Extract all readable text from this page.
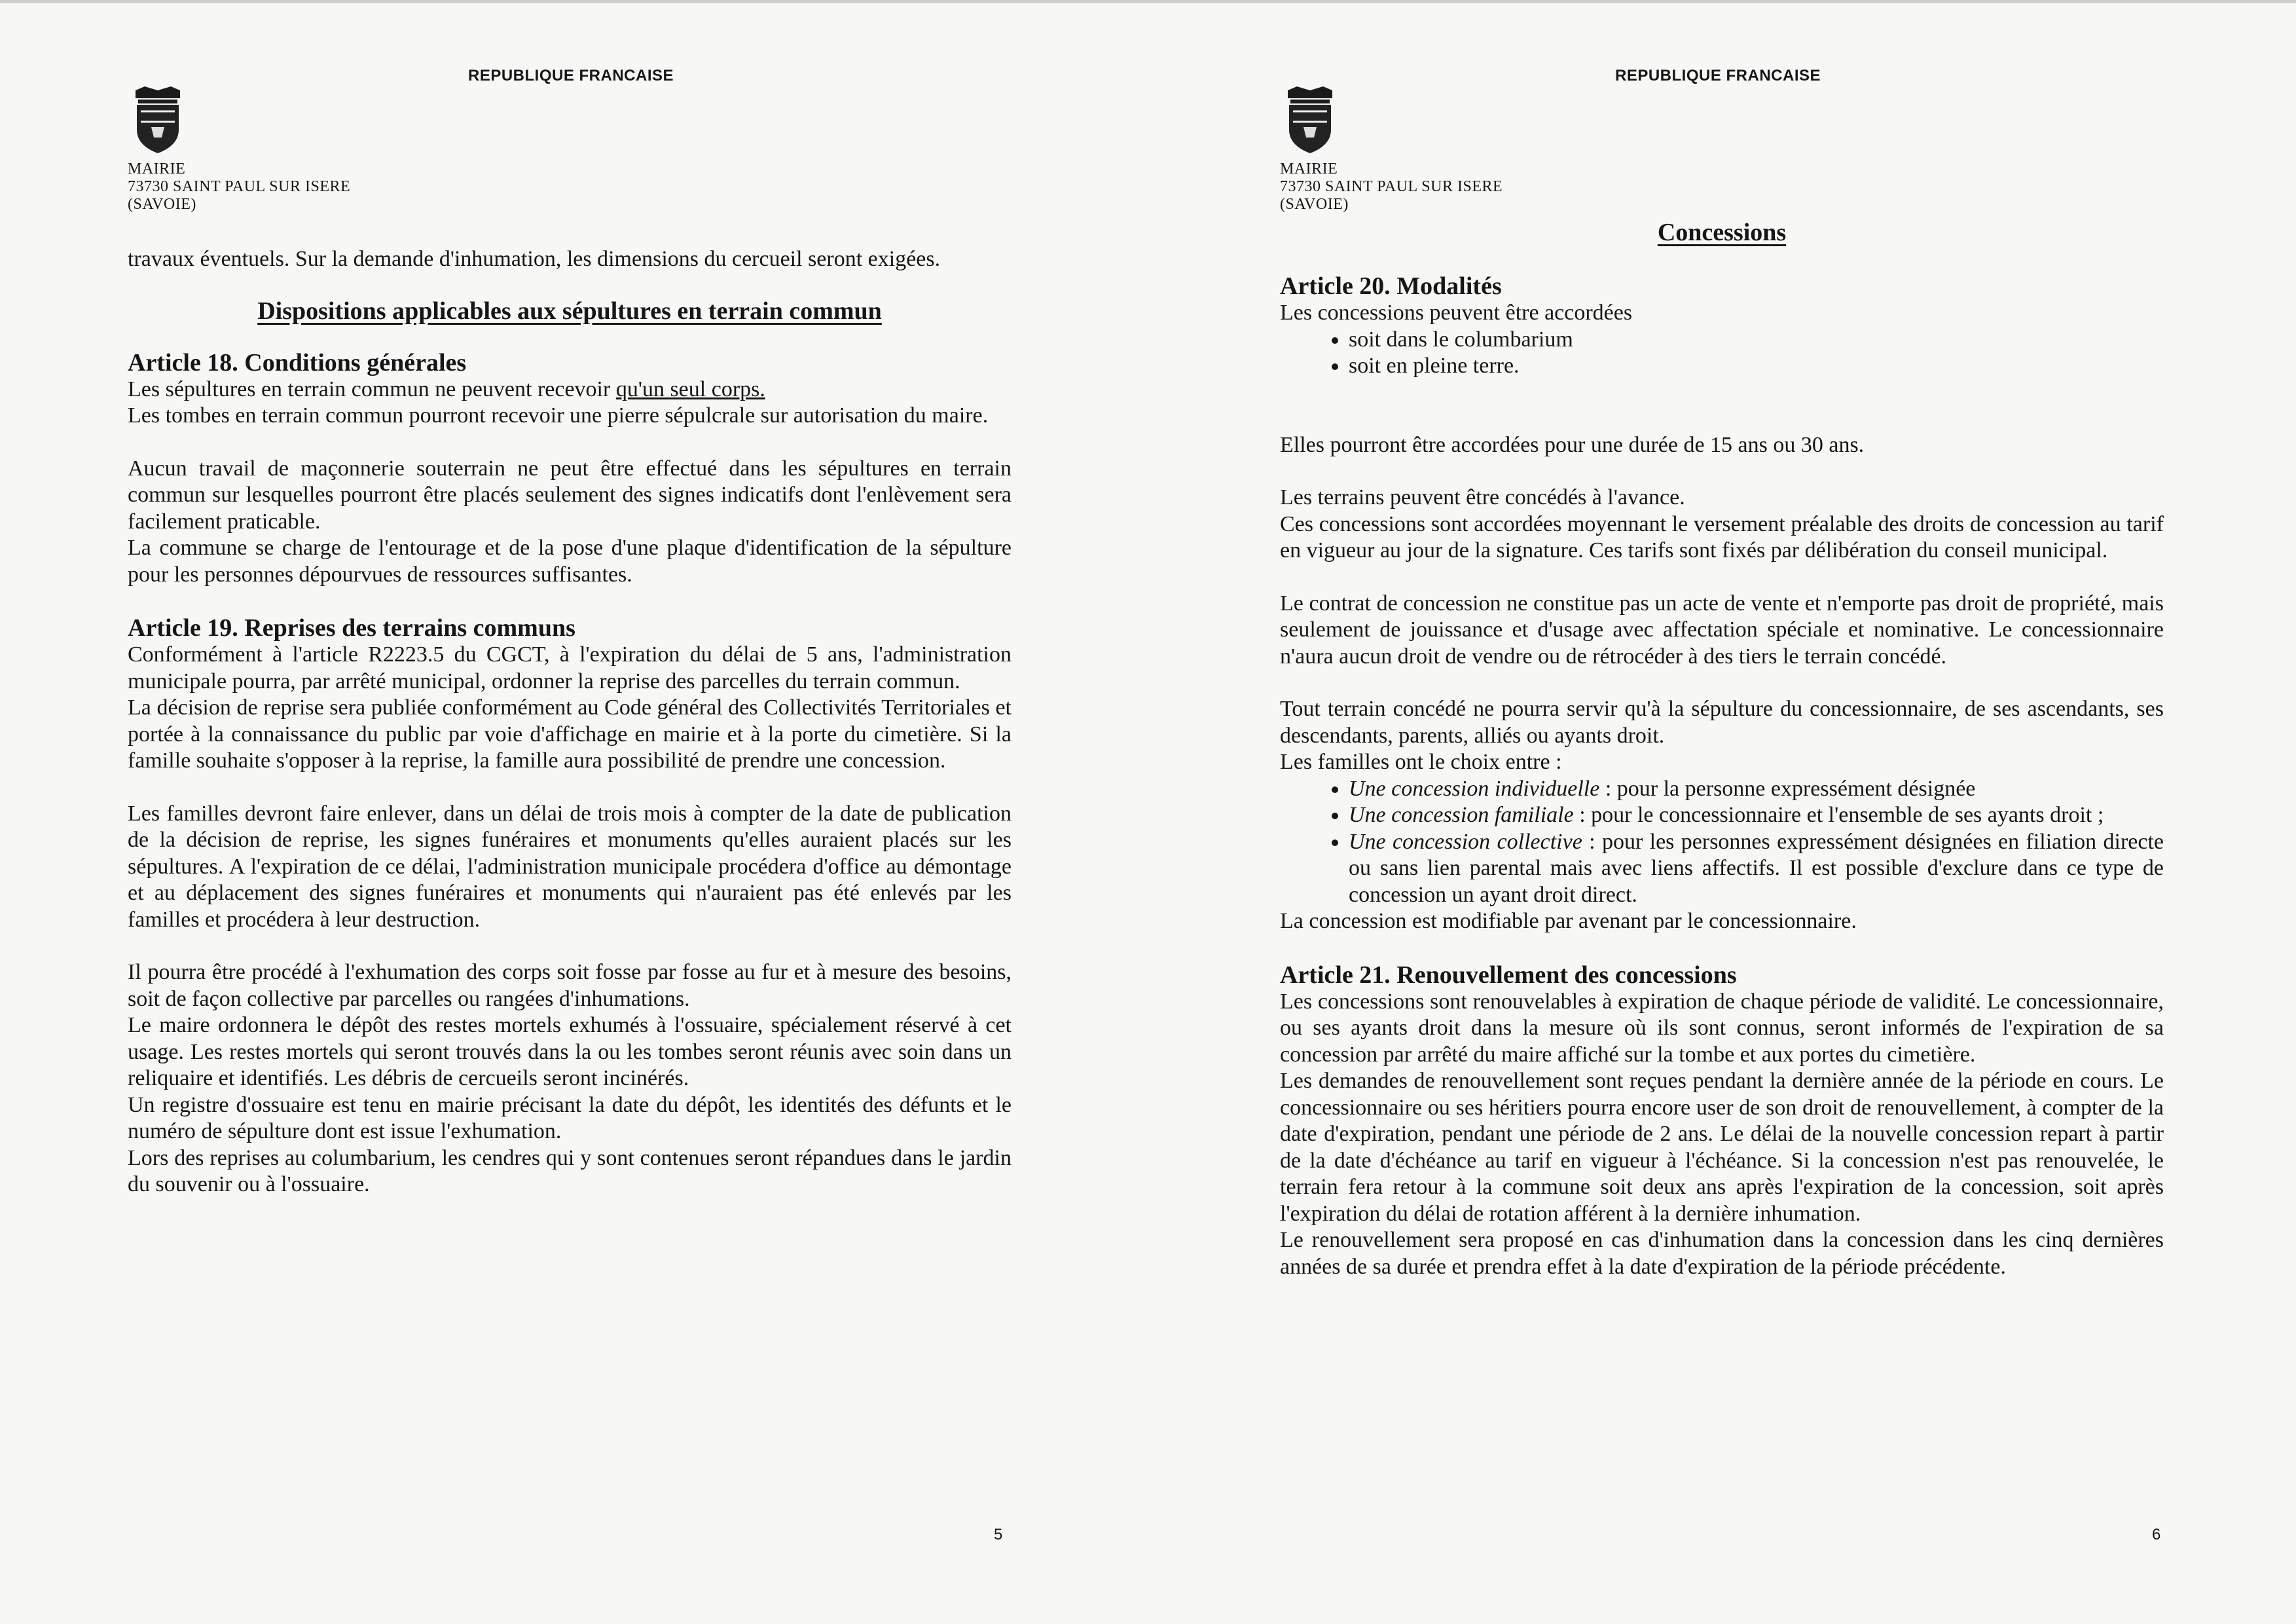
REPUBLIQUE FRANCAISE
MAIRIE
73730 SAINT PAUL SUR ISERE
(SAVOIE)

travaux éventuels. Sur la demande d'inhumation, les dimensions du cercueil seront exigées.

Dispositions applicables aux sépultures en terrain commun
Article 18. Conditions générales

Les sépultures en terrain commun ne peuvent recevoir qu'un seul corps.

Les tombes en terrain commun pourront recevoir une pierre sépulcrale sur autorisation du maire.

Aucun travail de maçonnerie souterrain ne peut être effectué dans les sépultures en terrain commun sur lesquelles pourront être placés seulement des signes indicatifs dont l'enlèvement sera facilement praticable.

La commune se charge de l'entourage et de la pose d'une plaque d'identification de la sépulture pour les personnes dépourvues de ressources suffisantes.

Article 19. Reprises des terrains communs

Conformément à l'article R2223.5 du CGCT, à l'expiration du délai de 5 ans, l'administration municipale pourra, par arrêté municipal, ordonner la reprise des parcelles du terrain commun.

La décision de reprise sera publiée conformément au Code général des Collectivités Territoriales et portée à la connaissance du public par voie d'affichage en mairie et à la porte du cimetière. Si la famille souhaite s'opposer à la reprise, la famille aura possibilité de prendre une concession.

Les familles devront faire enlever, dans un délai de trois mois à compter de la date de publication de la décision de reprise, les signes funéraires et monuments qu'elles auraient placés sur les sépultures. A l'expiration de ce délai, l'administration municipale procédera d'office au démontage et au déplacement des signes funéraires et monuments qui n'auraient pas été enlevés par les familles et procédera à leur destruction.

Il pourra être procédé à l'exhumation des corps soit fosse par fosse au fur et à mesure des besoins, soit de façon collective par parcelles ou rangées d'inhumations.

Le maire ordonnera le dépôt des restes mortels exhumés à l'ossuaire, spécialement réservé à cet usage. Les restes mortels qui seront trouvés dans la ou les tombes seront réunis avec soin dans un reliquaire et identifiés. Les débris de cercueils seront incinérés.

Un registre d'ossuaire est tenu en mairie précisant la date du dépôt, les identités des défunts et le numéro de sépulture dont est issue l'exhumation.

Lors des reprises au columbarium, les cendres qui y sont contenues seront répandues dans le jardin du souvenir ou à l'ossuaire.

5
REPUBLIQUE FRANCAISE
MAIRIE
73730 SAINT PAUL SUR ISERE
(SAVOIE)
Concessions
Article 20. Modalités

Les concessions peuvent être accordées

• soit dans le columbarium
• soit en pleine terre.

Elles pourront être accordées pour une durée de 15 ans ou 30 ans.

Les terrains peuvent être concédés à l'avance.

Ces concessions sont accordées moyennant le versement préalable des droits de concession au tarif en vigueur au jour de la signature. Ces tarifs sont fixés par délibération du conseil municipal.

Le contrat de concession ne constitue pas un acte de vente et n'emporte pas droit de propriété, mais seulement de jouissance et d'usage avec affectation spéciale et nominative. Le concessionnaire n'aura aucun droit de vendre ou de rétrocéder à des tiers le terrain concédé.

Tout terrain concédé ne pourra servir qu'à la sépulture du concessionnaire, de ses ascendants, ses descendants, parents, alliés ou ayants droit.

Les familles ont le choix entre :

• Une concession individuelle : pour la personne expressément désignée
• Une concession familiale : pour le concessionnaire et l'ensemble de ses ayants droit ;
• Une concession collective : pour les personnes expressément désignées en filiation directe ou sans lien parental mais avec liens affectifs. Il est possible d'exclure dans ce type de concession un ayant droit direct.

La concession est modifiable par avenant par le concessionnaire.

Article 21. Renouvellement des concessions

Les concessions sont renouvelables à expiration de chaque période de validité. Le concessionnaire, ou ses ayants droit dans la mesure où ils sont connus, seront informés de l'expiration de sa concession par arrêté du maire affiché sur la tombe et aux portes du cimetière.

Les demandes de renouvellement sont reçues pendant la dernière année de la période en cours. Le concessionnaire ou ses héritiers pourra encore user de son droit de renouvellement, à compter de la date d'expiration, pendant une période de 2 ans. Le délai de la nouvelle concession repart à partir de la date d'échéance au tarif en vigueur à l'échéance. Si la concession n'est pas renouvelée, le terrain fera retour à la commune soit deux ans après l'expiration de la concession, soit après l'expiration du délai de rotation afférent à la dernière inhumation.

Le renouvellement sera proposé en cas d'inhumation dans la concession dans les cinq dernières années de sa durée et prendra effet à la date d'expiration de la période précédente.

6
